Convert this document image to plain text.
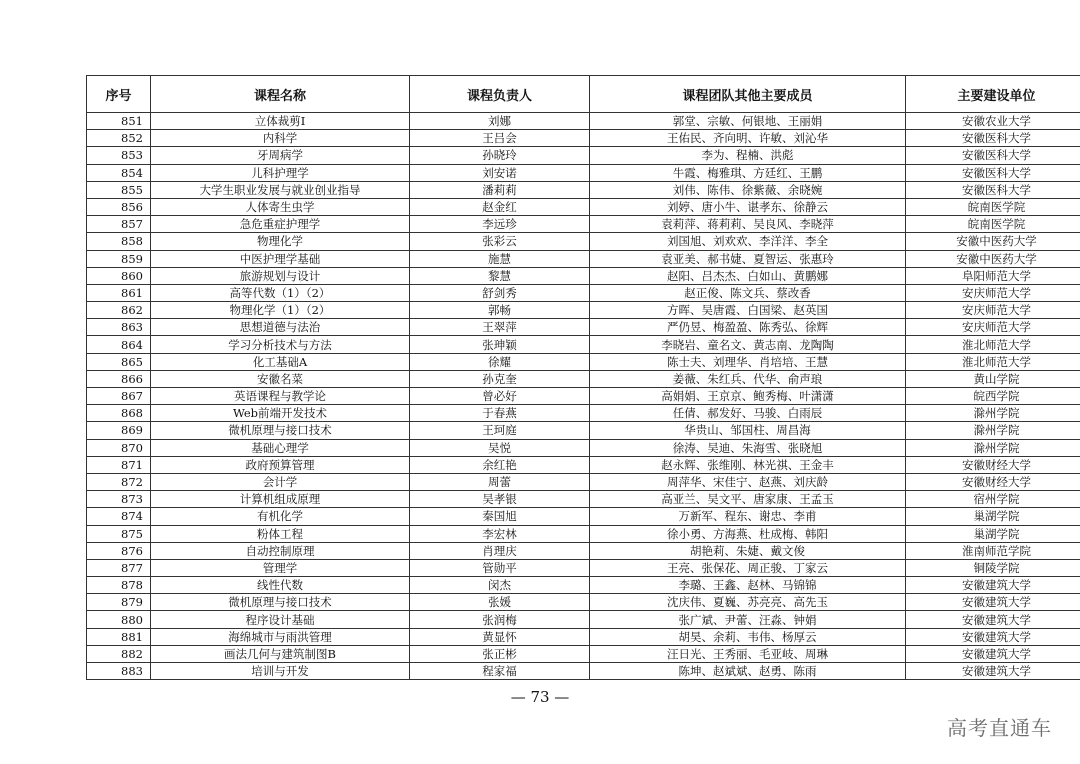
序号	课程名称	课程负责人	课程团队其他主要成员	主要建设单位
851	立体裁剪Ⅰ	刘娜	郭堂、宗敏、何银地、王丽娟	安徽农业大学
852	内科学	王吕会	王佑民、齐向明、许敏、刘沁华	安徽医科大学
853	牙周病学	孙晓玲	李为、程楠、洪彪	安徽医科大学
854	儿科护理学	刘安诺	牛霞、梅雅琪、方廷红、王鹏	安徽医科大学
855	大学生职业发展与就业创业指导	潘莉莉	刘伟、陈伟、徐紫薇、余晓婉	安徽医科大学
856	人体寄生虫学	赵金红	刘婷、唐小牛、谌孝东、徐静云	皖南医学院
857	急危重症护理学	李远珍	袁莉萍、蒋莉莉、吴良风、李晓萍	皖南医学院
858	物理化学	张彩云	刘国旭、刘欢欢、李洋洋、李全	安徽中医药大学
859	中医护理学基础	施慧	袁亚美、郝书婕、夏智运、张惠玲	安徽中医药大学
860	旅游规划与设计	黎慧	赵阳、吕杰杰、白如山、黄鹏娜	阜阳师范大学
861	高等代数（1）（2）	舒剑秀	赵正俊、陈文兵、蔡改香	安庆师范大学
862	物理化学（1）（2）	郭畅	方晖、吴唐霞、白国梁、赵英国	安庆师范大学
863	思想道德与法治	王翠萍	严仍昱、梅盈盈、陈秀弘、徐辉	安庆师范大学
864	学习分析技术与方法	张珅颖	李晓岩、童名文、黄志南、龙陶陶	淮北师范大学
865	化工基础A	徐耀	陈士夫、刘理华、肖培培、王慧	淮北师范大学
866	安徽名菜	孙克奎	姜薇、朱红兵、代华、俞声琅	黄山学院
867	英语课程与教学论	曾必好	高娟娟、王京京、鲍秀梅、叶潇潇	皖西学院
868	Web前端开发技术	于春燕	任倩、郝发好、马骏、白雨辰	滁州学院
869	微机原理与接口技术	王珂庭	华贵山、邹国柱、周昌海	滁州学院
870	基础心理学	吴悦	徐涛、吴迪、朱海雪、张晓旭	滁州学院
871	政府预算管理	余红艳	赵永辉、张维刚、林光祺、王金丰	安徽财经大学
872	会计学	周蕾	周萍华、宋佳宁、赵燕、刘庆龄	安徽财经大学
873	计算机组成原理	吴孝银	高亚兰、吴文平、唐家康、王孟玉	宿州学院
874	有机化学	秦国旭	万新军、程东、谢忠、李甫	巢湖学院
875	粉体工程	李宏林	徐小勇、方海燕、杜成梅、韩阳	巢湖学院
876	自动控制原理	肖理庆	胡艳莉、朱婕、戴文俊	淮南师范学院
877	管理学	管勋平	王亮、张保花、周正骏、丁家云	铜陵学院
878	线性代数	闵杰	李璐、王鑫、赵林、马锦锦	安徽建筑大学
879	微机原理与接口技术	张媛	沈庆伟、夏巍、苏亮亮、高先玉	安徽建筑大学
880	程序设计基础	张润梅	张广斌、尹蕾、汪淼、钟娟	安徽建筑大学
881	海绵城市与雨洪管理	黄显怀	胡昊、余莉、韦伟、杨厚云	安徽建筑大学
882	画法几何与建筑制图B	张正彬	汪日光、王秀丽、毛亚岐、周琳	安徽建筑大学
883	培训与开发	程家福	陈坤、赵斌斌、赵勇、陈雨	安徽建筑大学
— 73 —
高考直通车
